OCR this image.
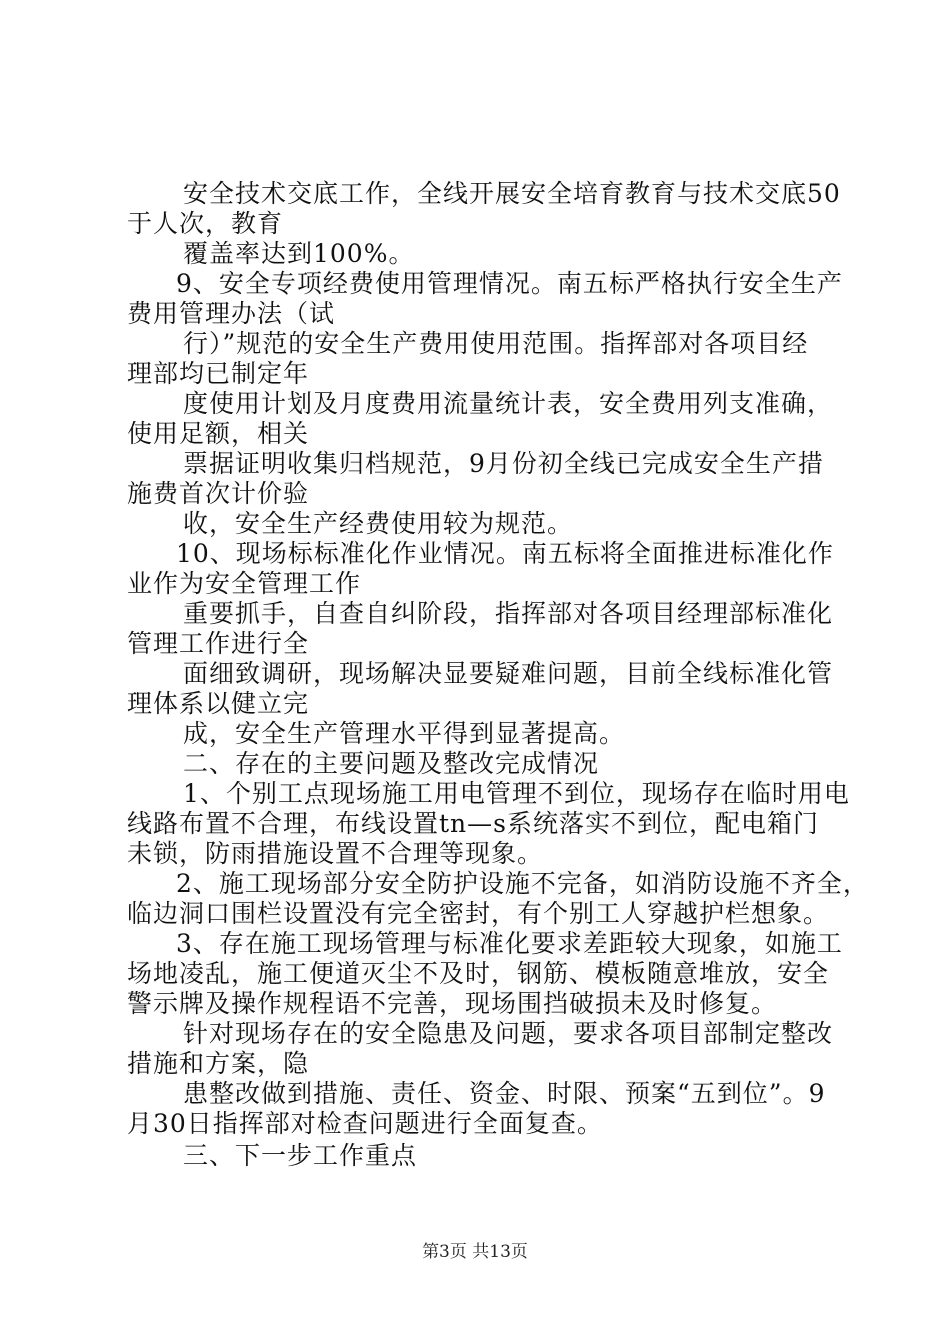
安全技术交底工作，全线开展安全培育教育与技术交底50
于人次，教育
覆盖率达到100%。
9、安全专项经费使用管理情况。南五标严格执行安全生产
费用管理办法（试
行）”规范的安全生产费用使用范围。指挥部对各项目经
理部均已制定年
度使用计划及月度费用流量统计表，安全费用列支准确，
使用足额，相关
票据证明收集归档规范，9月份初全线已完成安全生产措
施费首次计价验
收，安全生产经费使用较为规范。
10、现场标标准化作业情况。南五标将全面推进标准化作
业作为安全管理工作
重要抓手，自查自纠阶段，指挥部对各项目经理部标准化
管理工作进行全
面细致调研，现场解决显要疑难问题，目前全线标准化管
理体系以健立完
成，安全生产管理水平得到显著提高。
二、存在的主要问题及整改完成情况
1、个别工点现场施工用电管理不到位，现场存在临时用电
线路布置不合理，布线设置tn—s系统落实不到位，配电箱门
未锁，防雨措施设置不合理等现象。
2、施工现场部分安全防护设施不完备，如消防设施不齐全，
临边洞口围栏设置没有完全密封，有个别工人穿越护栏想象。
3、存在施工现场管理与标准化要求差距较大现象，如施工
场地凌乱，施工便道灭尘不及时，钢筋、模板随意堆放，安全
警示牌及操作规程语不完善，现场围挡破损未及时修复。
针对现场存在的安全隐患及问题，要求各项目部制定整改
措施和方案，隐
患整改做到措施、责任、资金、时限、预案“五到位”。9
月30日指挥部对检查问题进行全面复查。
三、下一步工作重点
第3页 共13页
